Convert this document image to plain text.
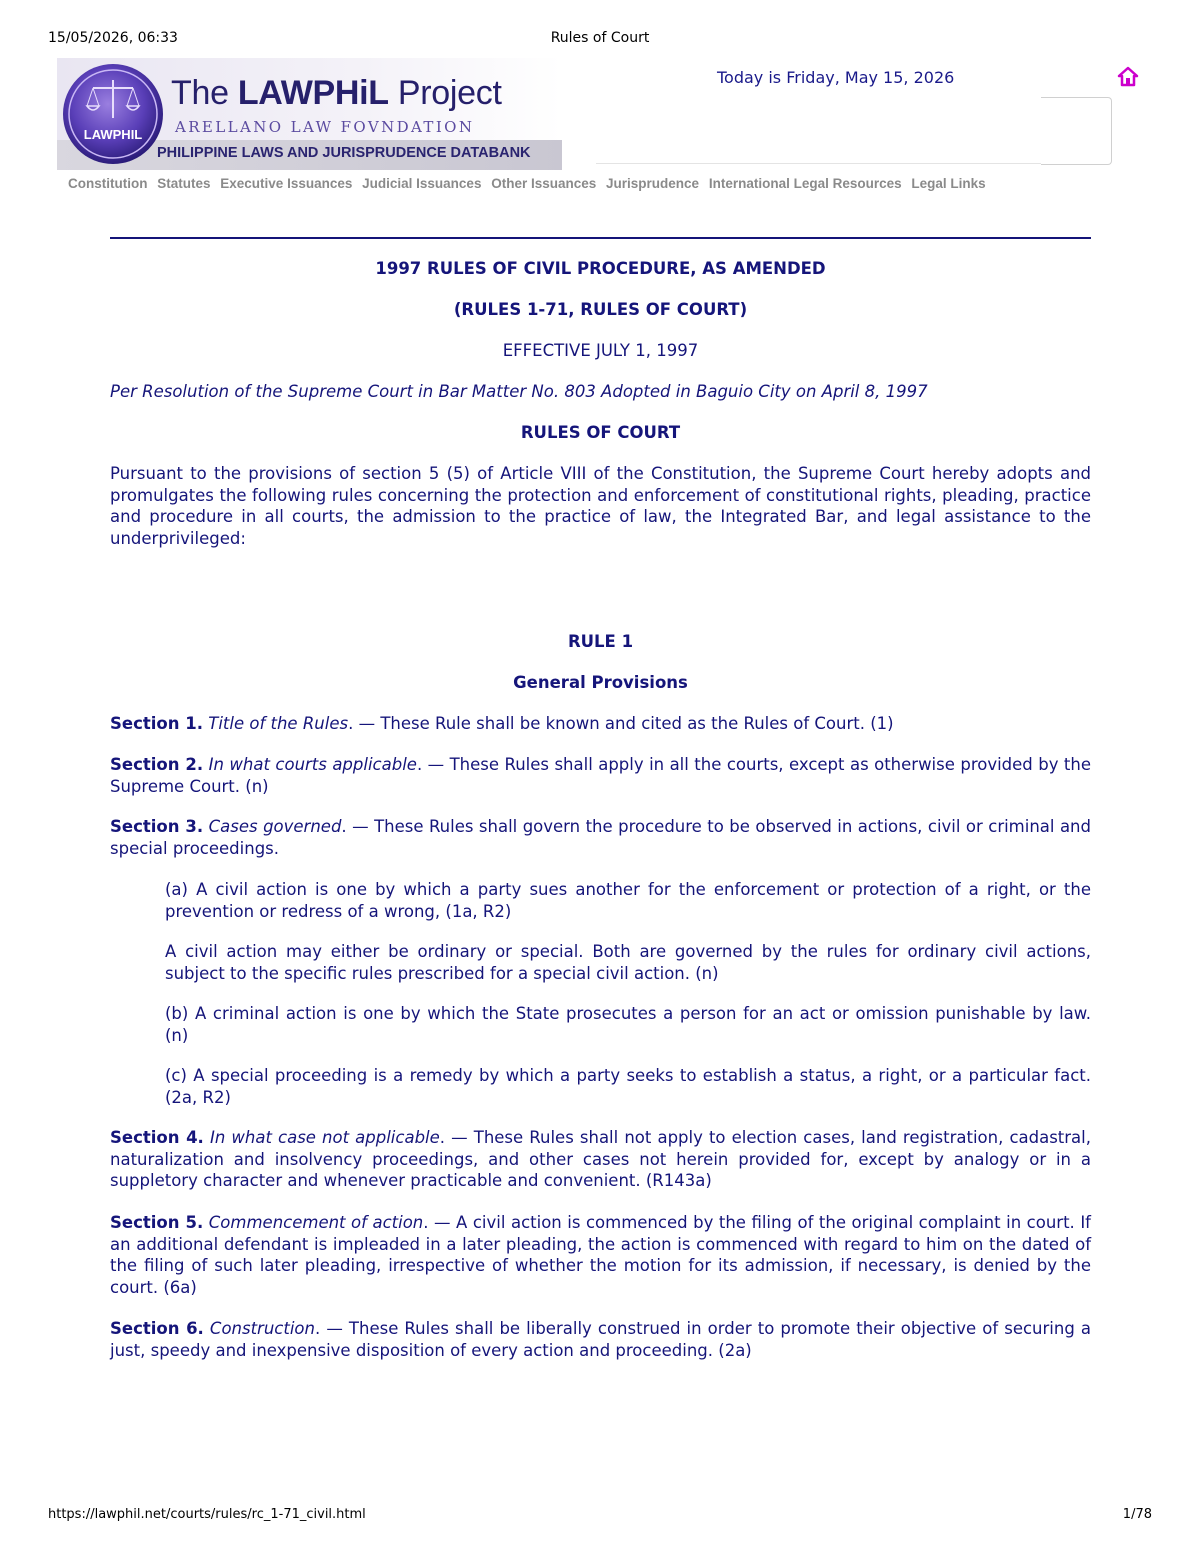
15/05/2026, 06:33	Rules of Court
LAWPHIL
The LAWPHiL Project
ARELLANO LAW FOVNDATION
PHILIPPINE LAWS AND JURISPRUDENCE DATABANK
Today is Friday, May 15, 2026
Constitution Statutes Executive Issuances Judicial Issuances Other Issuances Jurisprudence International Legal Resources Legal Links

1997 RULES OF CIVIL PROCEDURE, AS AMENDED

(RULES 1-71, RULES OF COURT)

EFFECTIVE JULY 1, 1997

Per Resolution of the Supreme Court in Bar Matter No. 803 Adopted in Baguio City on April 8, 1997

RULES OF COURT

Pursuant to the provisions of section 5 (5) of Article VIII of the Constitution, the Supreme Court hereby adopts and promulgates the following rules concerning the protection and enforcement of constitutional rights, pleading, practice and procedure in all courts, the admission to the practice of law, the Integrated Bar, and legal assistance to the underprivileged:

RULE 1

General Provisions

Section 1. Title of the Rules. — These Rule shall be known and cited as the Rules of Court. (1)

Section 2. In what courts applicable. — These Rules shall apply in all the courts, except as otherwise provided by the Supreme Court. (n)

Section 3. Cases governed. — These Rules shall govern the procedure to be observed in actions, civil or criminal and special proceedings.

(a) A civil action is one by which a party sues another for the enforcement or protection of a right, or the prevention or redress of a wrong, (1a, R2)

A civil action may either be ordinary or special. Both are governed by the rules for ordinary civil actions, subject to the specific rules prescribed for a special civil action. (n)

(b) A criminal action is one by which the State prosecutes a person for an act or omission punishable by law. (n)

(c) A special proceeding is a remedy by which a party seeks to establish a status, a right, or a particular fact. (2a, R2)

Section 4. In what case not applicable. — These Rules shall not apply to election cases, land registration, cadastral, naturalization and insolvency proceedings, and other cases not herein provided for, except by analogy or in a suppletory character and whenever practicable and convenient. (R143a)

Section 5. Commencement of action. — A civil action is commenced by the filing of the original complaint in court. If an additional defendant is impleaded in a later pleading, the action is commenced with regard to him on the dated of the filing of such later pleading, irrespective of whether the motion for its admission, if necessary, is denied by the court. (6a)

Section 6. Construction. — These Rules shall be liberally construed in order to promote their objective of securing a just, speedy and inexpensive disposition of every action and proceeding. (2a)

https://lawphil.net/courts/rules/rc_1-71_civil.html	1/78
